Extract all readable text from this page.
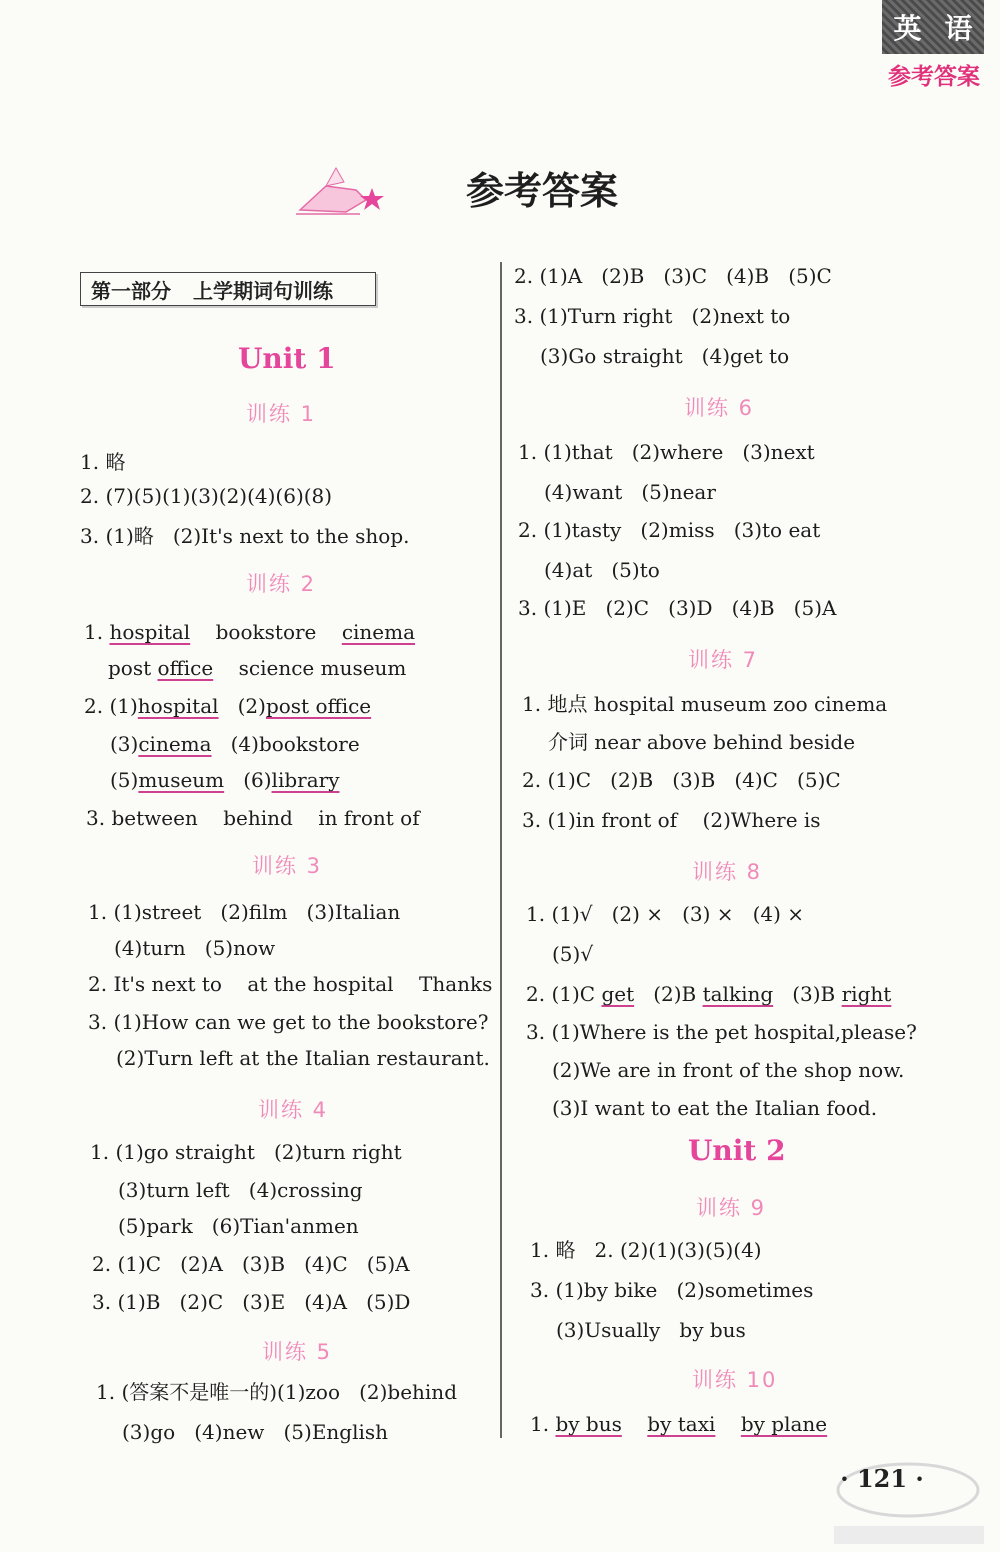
英 语
参考答案
参考答案
第一部分 上学期词句训练
Unit 1
训练 1
1. 略
2. (7)(5)(1)(3)(2)(4)(6)(8)
3. (1)略   (2)It's next to the shop.
训练 2
1. hospital    bookstore    cinema
post office    science museum
2. (1)hospital   (2)post office
(3)cinema   (4)bookstore
(5)museum   (6)library
3. between    behind    in front of
训练 3
1. (1)street   (2)film   (3)Italian
(4)turn   (5)now
2. It's next to    at the hospital    Thanks
3. (1)How can we get to the bookstore?
(2)Turn left at the Italian restaurant.
训练 4
1. (1)go straight   (2)turn right
(3)turn left   (4)crossing
(5)park   (6)Tian'anmen
2. (1)C   (2)A   (3)B   (4)C   (5)A
3. (1)B   (2)C   (3)E   (4)A   (5)D
训练 5
1. (答案不是唯一的)(1)zoo   (2)behind
(3)go   (4)new   (5)English
2. (1)A   (2)B   (3)C   (4)B   (5)C
3. (1)Turn right   (2)next to
(3)Go straight   (4)get to
训练 6
1. (1)that   (2)where   (3)next
(4)want   (5)near
2. (1)tasty   (2)miss   (3)to eat
(4)at   (5)to
3. (1)E   (2)C   (3)D   (4)B   (5)A
训练 7
1. 地点 hospital museum zoo cinema
介词 near above behind beside
2. (1)C   (2)B   (3)B   (4)C   (5)C
3. (1)in front of    (2)Where is
训练 8
1. (1)√   (2) ×   (3) ×   (4) ×
(5)√
2. (1)C get   (2)B talking   (3)B right
3. (1)Where is the pet hospital,please?
(2)We are in front of the shop now.
(3)I want to eat the Italian food.
Unit 2
训练 9
1. 略   2. (2)(1)(3)(5)(4)
3. (1)by bike   (2)sometimes
(3)Usually   by bus
训练 10
1. by bus by taxi by plane
· 121 ·
